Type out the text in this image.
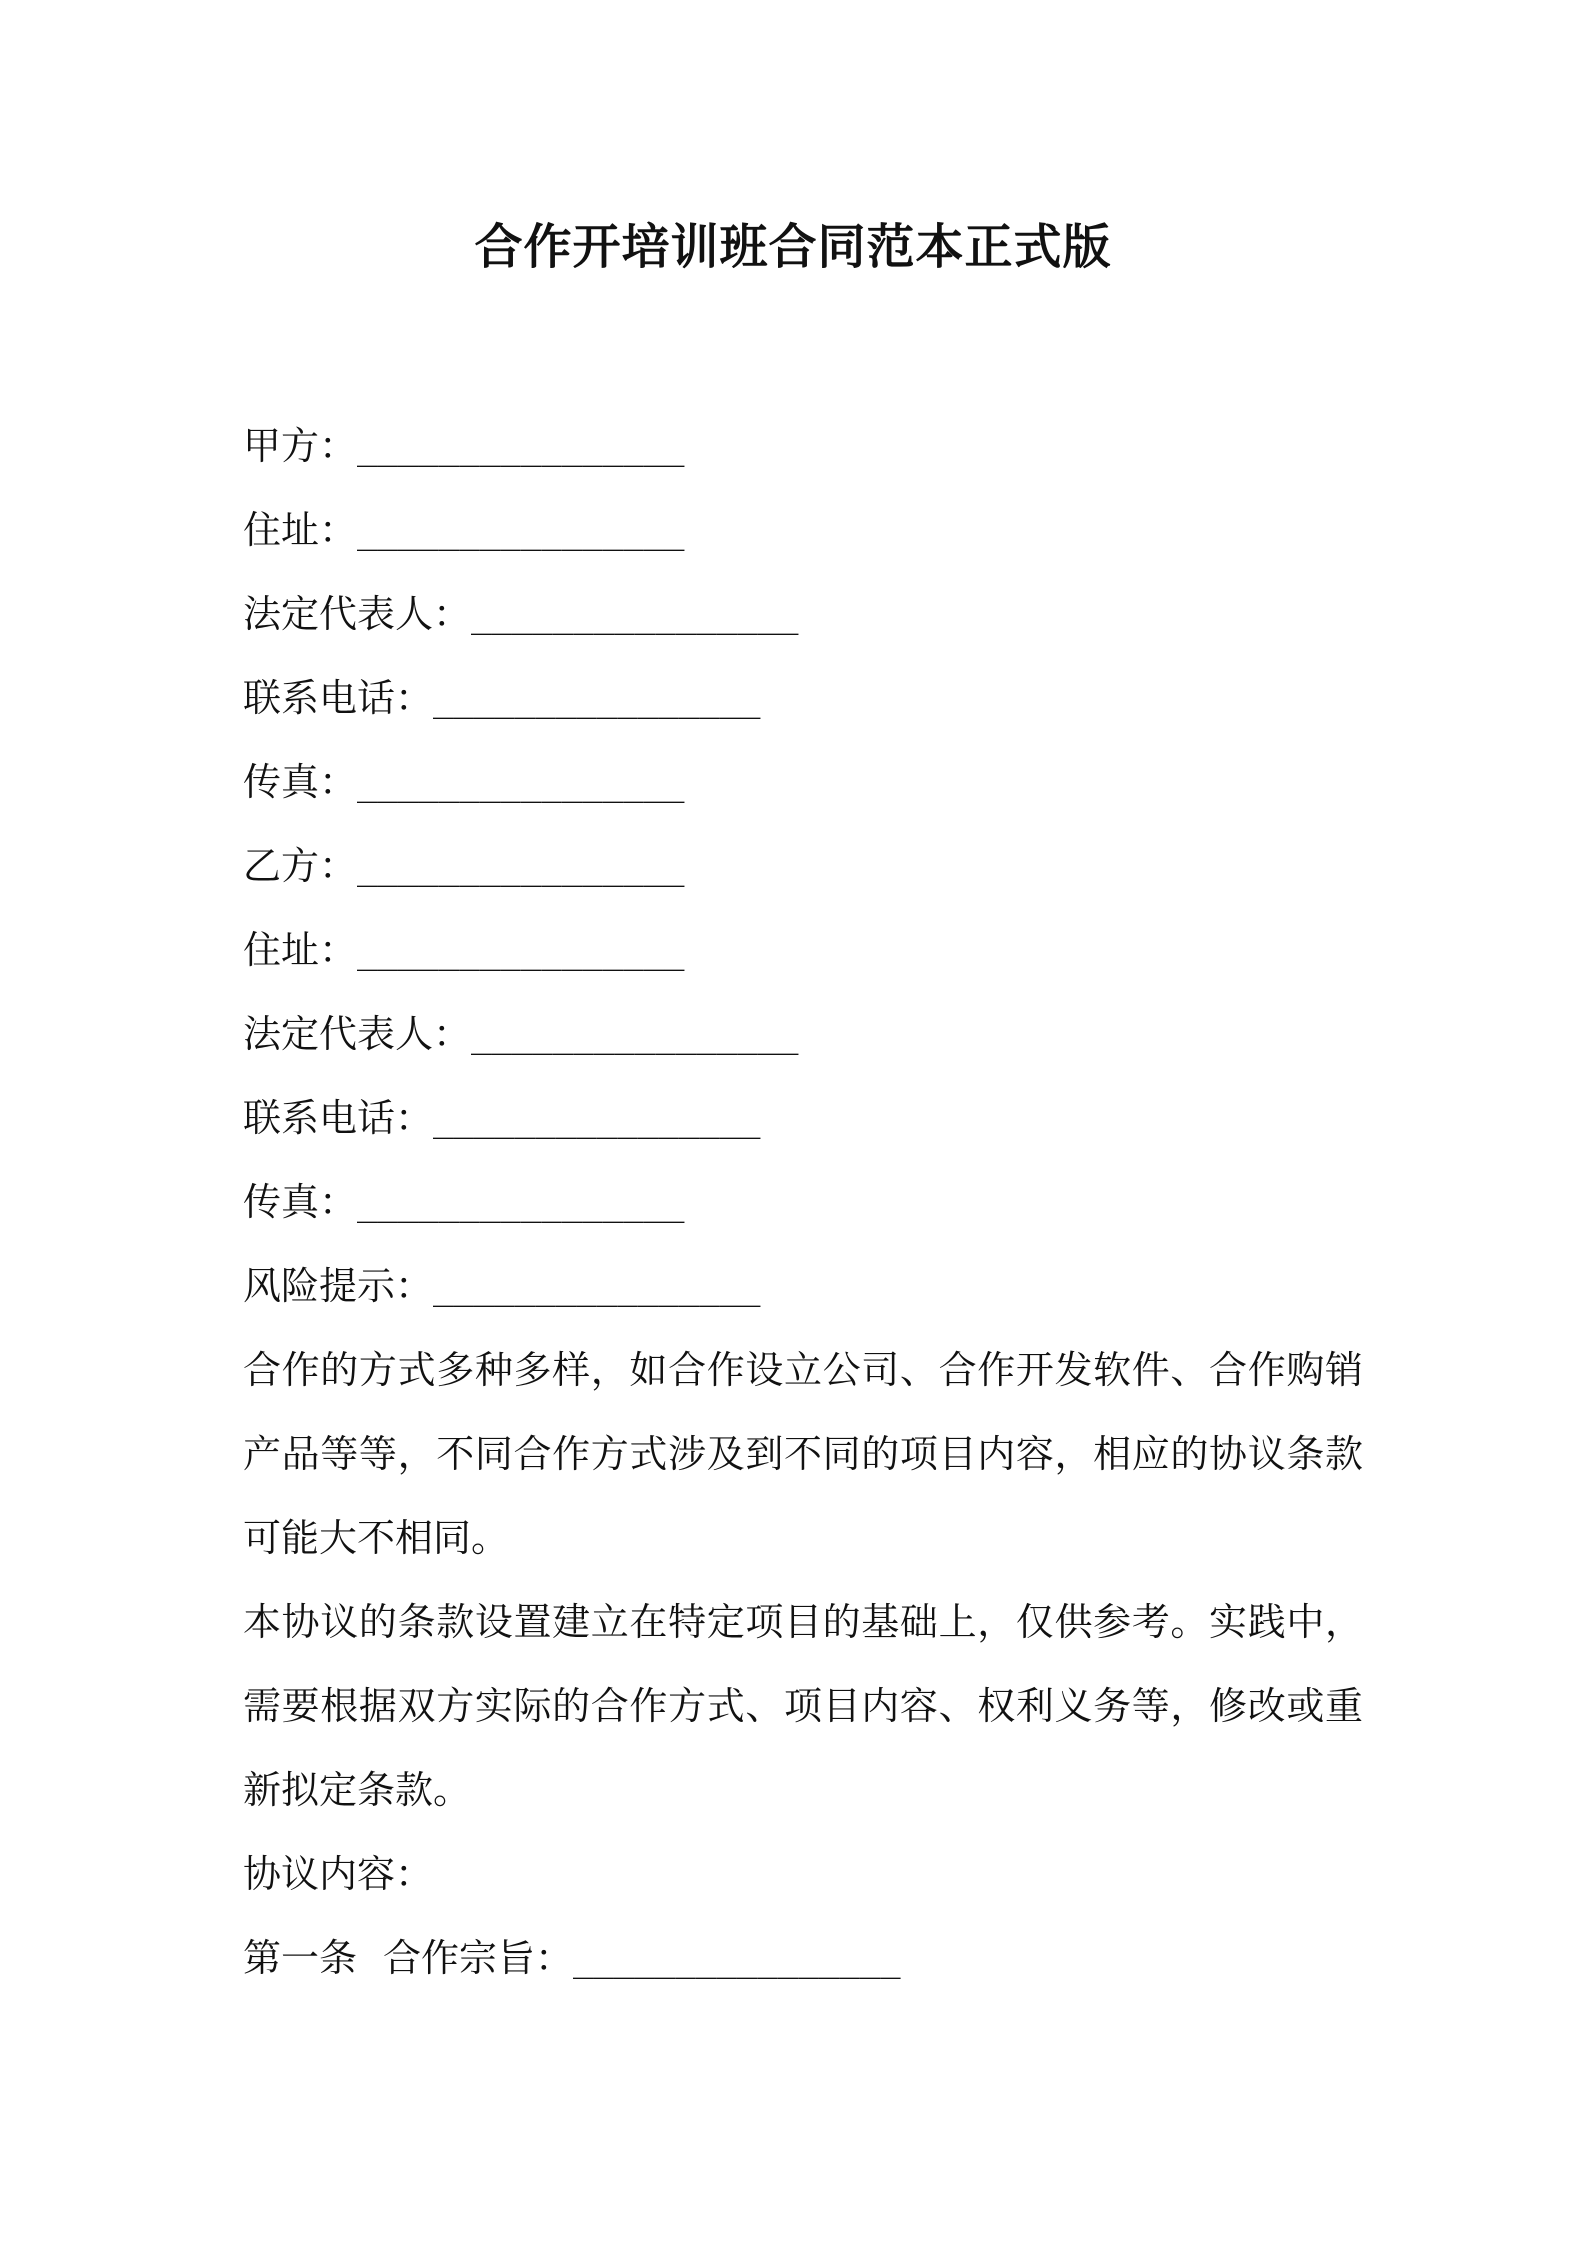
合作开培训班合同范本正式版
甲方：________________
住址：________________
法定代表人：________________
联系电话：________________
传真：________________
乙方：________________
住址：________________
法定代表人：________________
联系电话：________________
传真：________________
风险提示：________________

合作的方式多种多样，如合作设立公司、合作开发软件、合作购销产品等等，不同合作方式涉及到不同的项目内容，相应的协议条款可能大不相同。

本协议的条款设置建立在特定项目的基础上，仅供参考。实践中，需要根据双方实际的合作方式、项目内容、权利义务等，修改或重新拟定条款。

协议内容：

第一条 合作宗旨：________________
